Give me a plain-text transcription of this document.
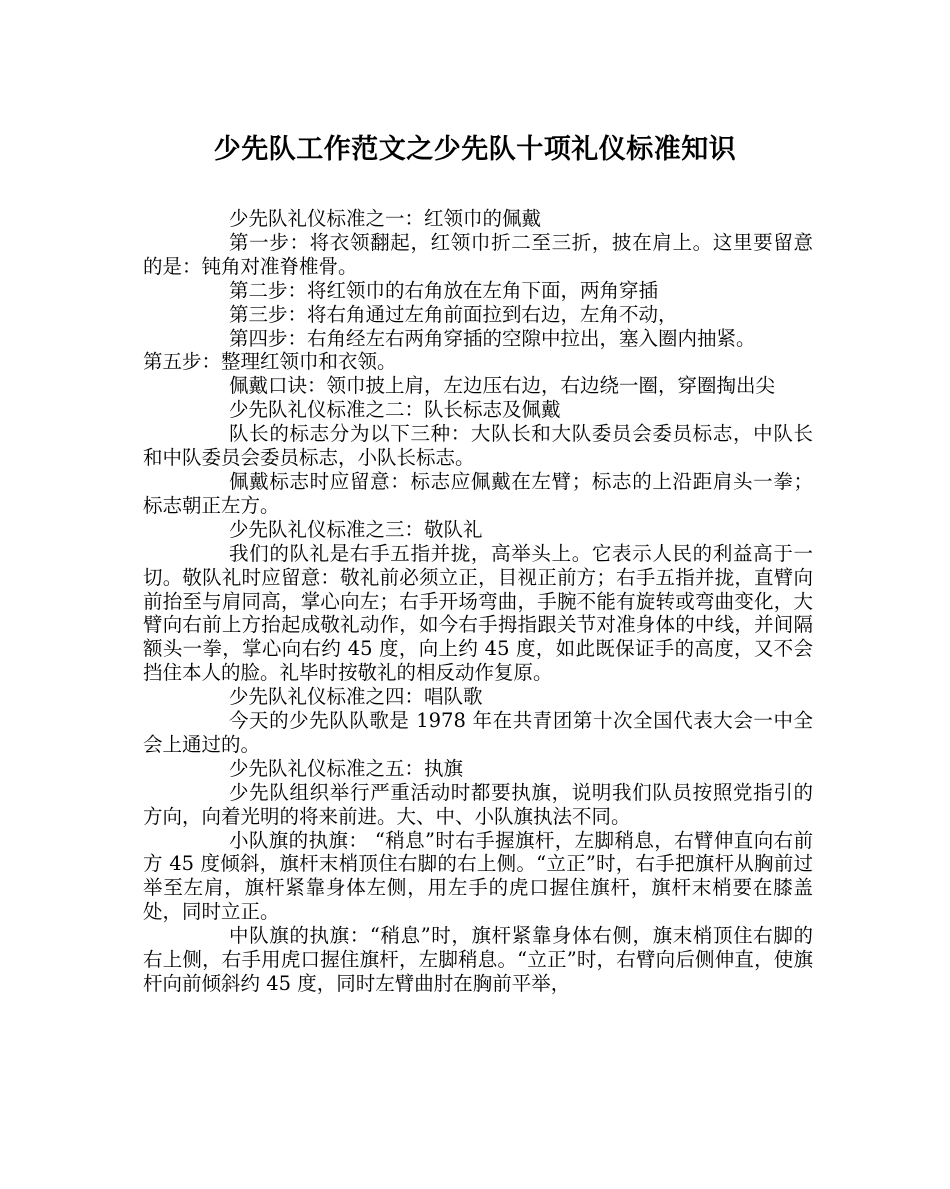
少先队工作范文之少先队十项礼仪标准知识

少先队礼仪标准之一：红领巾的佩戴

第一步：将衣领翻起，红领巾折二至三折，披在肩上。这里要留意的是：钝角对准脊椎骨。

第二步：将红领巾的右角放在左角下面，两角穿插

第三步：将右角通过左角前面拉到右边，左角不动，

第四步：右角经左右两角穿插的空隙中拉出，塞入圈内抽紧。

第五步：整理红领巾和衣领。

佩戴口诀：领巾披上肩，左边压右边，右边绕一圈，穿圈掏出尖

少先队礼仪标准之二：队长标志及佩戴

队长的标志分为以下三种：大队长和大队委员会委员标志，中队长和中队委员会委员标志，小队长标志。

佩戴标志时应留意：标志应佩戴在左臂；标志的上沿距肩头一拳；标志朝正左方。

少先队礼仪标准之三：敬队礼

我们的队礼是右手五指并拢，高举头上。它表示人民的利益高于一切。敬队礼时应留意：敬礼前必须立正，目视正前方；右手五指并拢，直臂向前抬至与肩同高，掌心向左；右手开场弯曲，手腕不能有旋转或弯曲变化，大臂向右前上方抬起成敬礼动作，如今右手拇指跟关节对准身体的中线，并间隔额头一拳，掌心向右约 45 度，向上约 45 度，如此既保证手的高度，又不会挡住本人的脸。礼毕时按敬礼的相反动作复原。

少先队礼仪标准之四：唱队歌

今天的少先队队歌是 1978 年在共青团第十次全国代表大会一中全会上通过的。

少先队礼仪标准之五：执旗

少先队组织举行严重活动时都要执旗，说明我们队员按照党指引的方向，向着光明的将来前进。大、中、小队旗执法不同。

小队旗的执旗： “稍息”时右手握旗杆，左脚稍息，右臂伸直向右前方 45 度倾斜，旗杆末梢顶住右脚的右上侧。“立正”时，右手把旗杆从胸前过举至左肩，旗杆紧靠身体左侧，用左手的虎口握住旗杆，旗杆末梢要在膝盖处，同时立正。

中队旗的执旗：“稍息”时，旗杆紧靠身体右侧，旗末梢顶住右脚的右上侧，右手用虎口握住旗杆，左脚稍息。“立正”时，右臂向后侧伸直，使旗杆向前倾斜约 45 度，同时左臂曲肘在胸前平举，
